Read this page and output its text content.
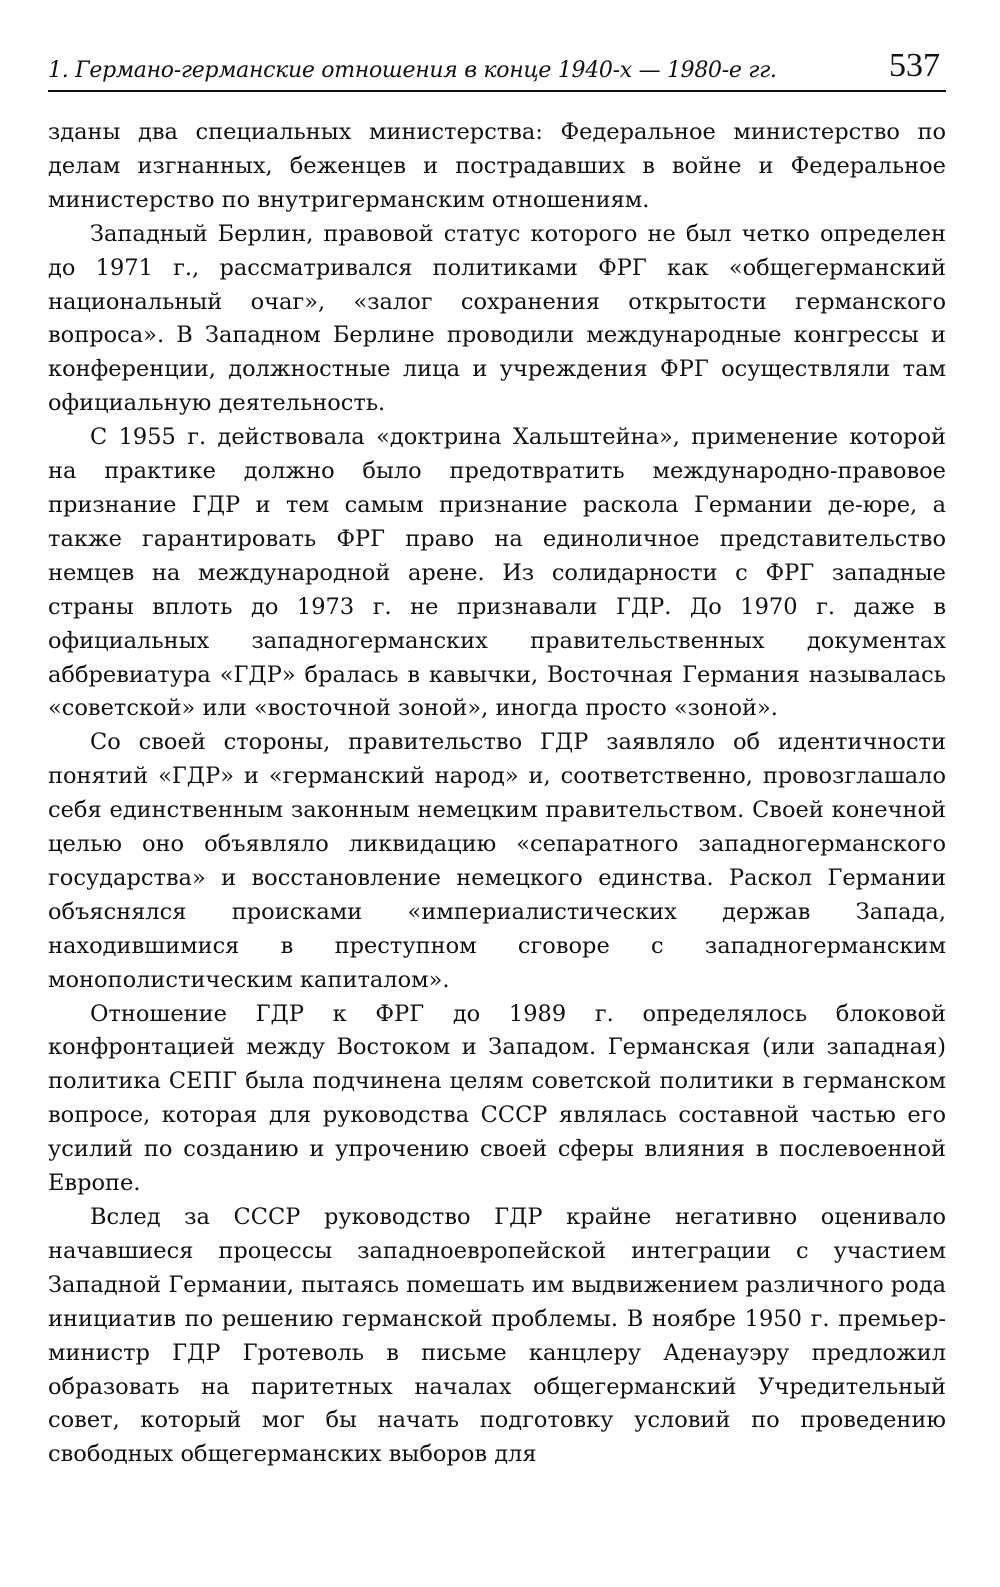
1. Германо-германские отношения в конце 1940-х — 1980-е гг.	537

зданы два специальных министерства: Федеральное министерство по делам изгнанных, беженцев и пострадавших в войне и Федеральное министерство по внутригерманским отношениям.

Западный Берлин, правовой статус которого не был четко определен до 1971 г., рассматривался политиками ФРГ как «общегерманский национальный очаг», «залог сохранения открытости германского вопроса». В Западном Берлине проводили международные конгрессы и конференции, должностные лица и учреждения ФРГ осуществляли там официальную деятельность.

С 1955 г. действовала «доктрина Хальштейна», применение которой на практике должно было предотвратить международно-правовое признание ГДР и тем самым признание раскола Германии де-юре, а также гарантировать ФРГ право на единоличное представительство немцев на международной арене. Из солидарности с ФРГ западные страны вплоть до 1973 г. не признавали ГДР. До 1970 г. даже в официальных западногерманских правительственных документах аббревиатура «ГДР» бралась в кавычки, Восточная Германия называлась «советской» или «восточной зоной», иногда просто «зоной».

Со своей стороны, правительство ГДР заявляло об идентичности понятий «ГДР» и «германский народ» и, соответственно, провозглашало себя единственным законным немецким правительством. Своей конечной целью оно объявляло ликвидацию «сепаратного западногерманского государства» и восстановление немецкого единства. Раскол Германии объяснялся происками «империалистических держав Запада, находившимися в преступном сговоре с западногерманским монополистическим капиталом».

Отношение ГДР к ФРГ до 1989 г. определялось блоковой конфронтацией между Востоком и Западом. Германская (или западная) политика СЕПГ была подчинена целям советской политики в германском вопросе, которая для руководства СССР являлась составной частью его усилий по созданию и упрочению своей сферы влияния в послевоенной Европе.

Вслед за СССР руководство ГДР крайне негативно оценивало начавшиеся процессы западноевропейской интеграции с участием Западной Германии, пытаясь помешать им выдвижением различного рода инициатив по решению германской проблемы. В ноябре 1950 г. премьер-министр ГДР Гротеволь в письме канцлеру Аденауэру предложил образовать на паритетных началах общегерманский Учредительный совет, который мог бы начать подготовку условий по проведению свободных общегерманских выборов для
